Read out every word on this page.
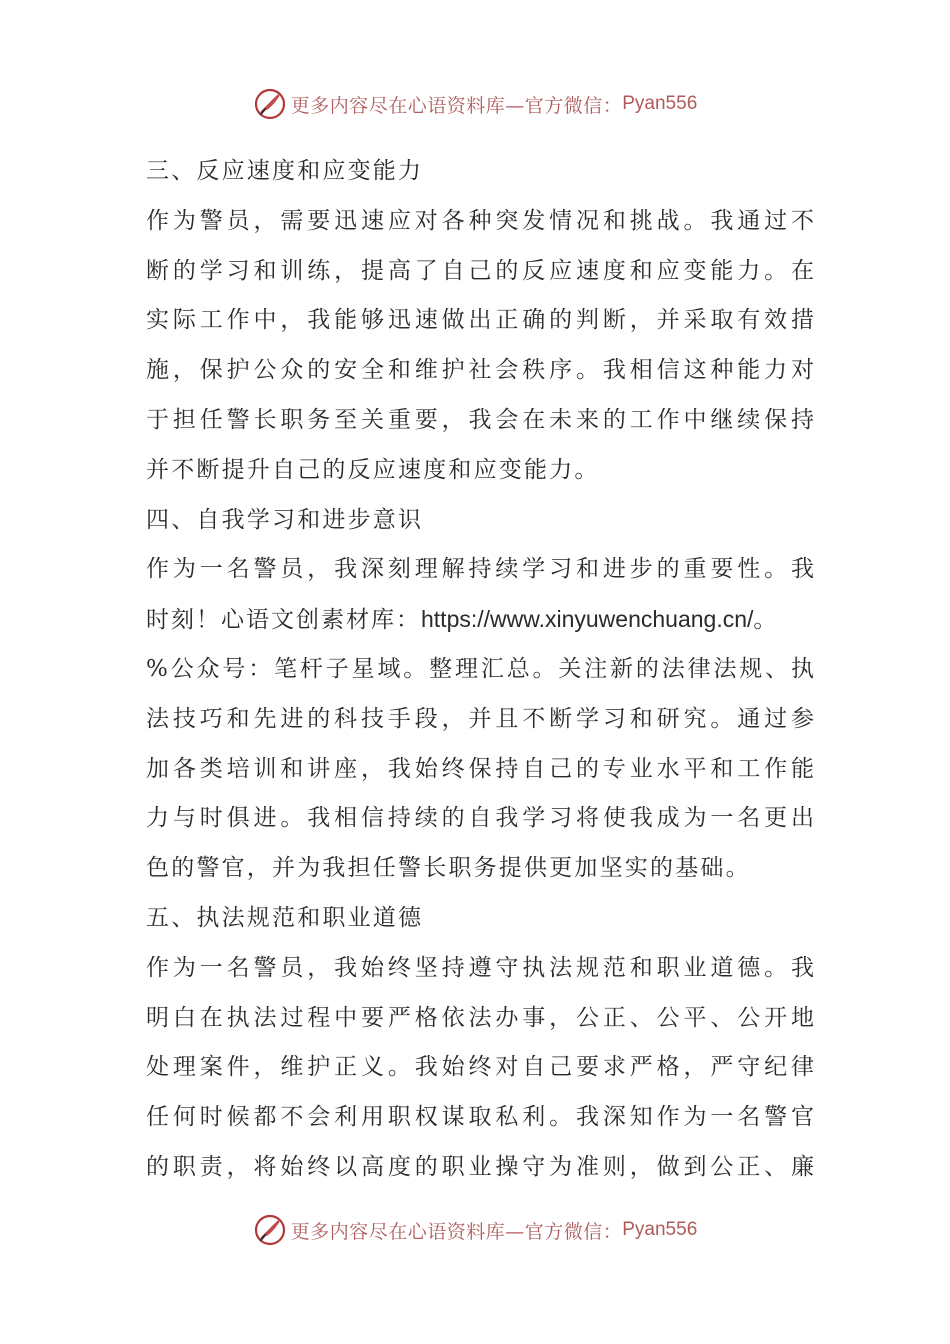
更多内容尽在心语资料库—官方微信： Pyan556
三、反应速度和应变能力
作为警员，需要迅速应对各种突发情况和挑战。我通过不
断的学习和训练，提高了自己的反应速度和应变能力。在
实际工作中，我能够迅速做出正确的判断，并采取有效措
施，保护公众的安全和维护社会秩序。我相信这种能力对
于担任警长职务至关重要，我会在未来的工作中继续保持
并不断提升自己的反应速度和应变能力。
四、自我学习和进步意识
作为一名警员，我深刻理解持续学习和进步的重要性。我
时刻！心语文创素材库：https://www.xinyuwenchuang.cn/。
%公众号：笔杆子星域。整理汇总。关注新的法律法规、执
法技巧和先进的科技手段，并且不断学习和研究。通过参
加各类培训和讲座，我始终保持自己的专业水平和工作能
力与时俱进。我相信持续的自我学习将使我成为一名更出
色的警官，并为我担任警长职务提供更加坚实的基础。
五、执法规范和职业道德
作为一名警员，我始终坚持遵守执法规范和职业道德。我
明白在执法过程中要严格依法办事，公正、公平、公开地
处理案件，维护正义。我始终对自己要求严格，严守纪律
任何时候都不会利用职权谋取私利。我深知作为一名警官
的职责，将始终以高度的职业操守为准则，做到公正、廉
更多内容尽在心语资料库—官方微信： Pyan556
